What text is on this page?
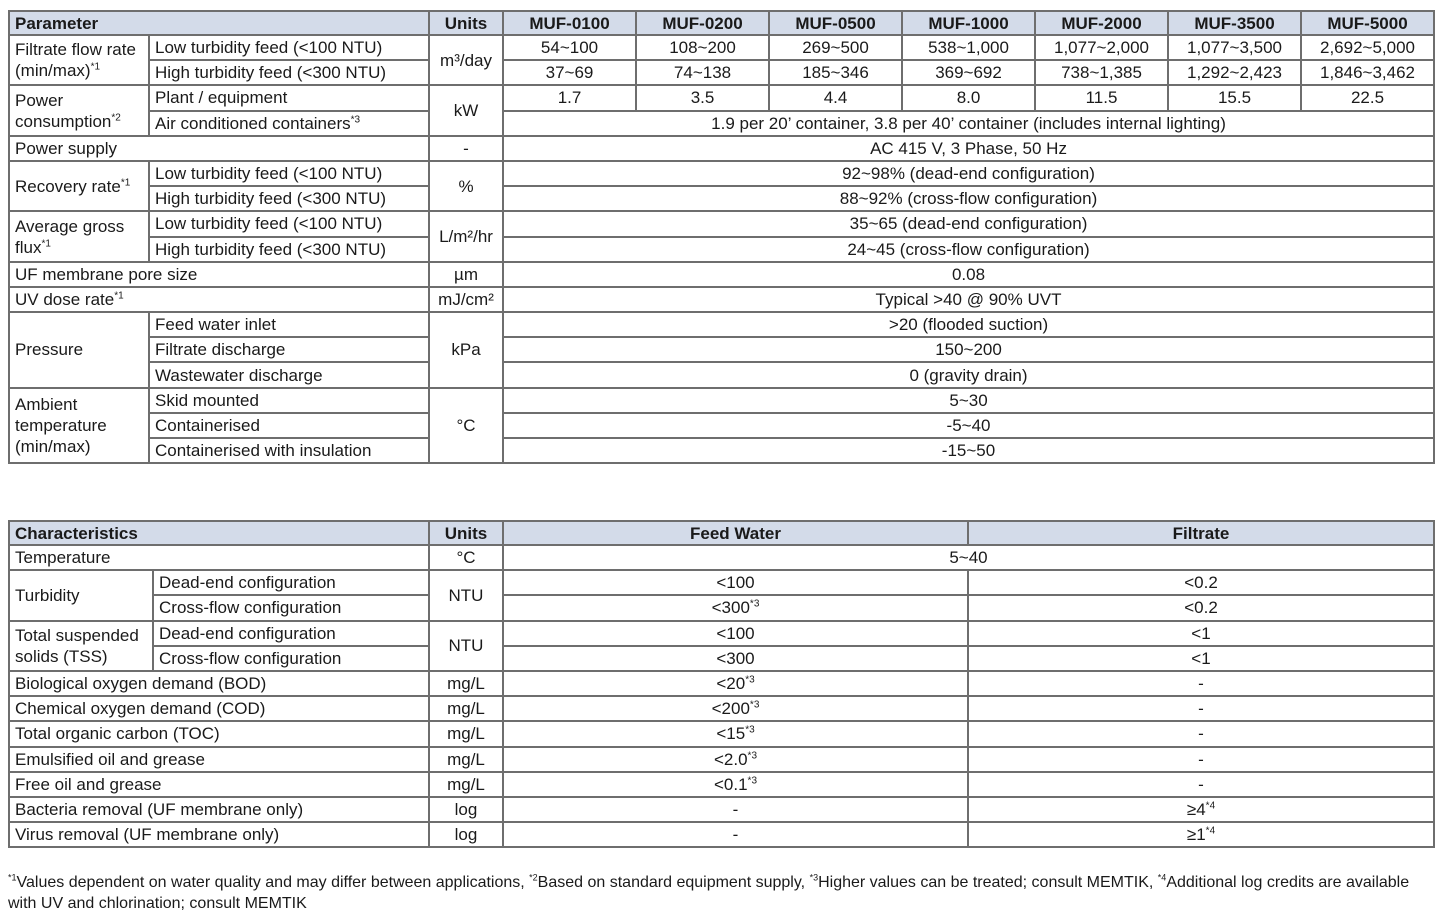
Parameter		Units	MUF-0100	MUF-0200	MUF-0500	MUF-1000	MUF-2000	MUF-3500	MUF-5000
Filtrate flow rate $(\min/\max)^{*1}$	Low turbidity feed (<100 NTU)	m³/day	54~100	108~200	269~500	538~1,000	1,077~2,000	1,077~3,500	2,692~5,000
	High turbidity feed (<300 NTU)		37~69	74~138	185~346	369~692	738~1,385	1,292~2,423	1,846~3,462
Power
consumption$^{*2}$	Plant / equipment	kW	1.7	3.5	4.4	8.0	11.5	15.5	22.5
	Air conditioned containers$^{*3}$		1.9 per 20’ container, 3.8 per 40’ container (includes internal lighting)						
Power supply		-	AC 415 V, 3 Phase, 50 Hz						
Recovery rate$^{*1}$	Low turbidity feed (<100 NTU)	%	92~98% (dead-end configuration)						
	High turbidity feed (<300 NTU)		88~92% (cross-flow configuration)						
Average gross
flux$^{*1}$	Low turbidity feed (<100 NTU)	L/m²/hr	35~65 (dead-end configuration)						
	High turbidity feed (<300 NTU)		24~45 (cross-flow configuration)						
UF membrane pore size		µm	0.08						
UV dose rate$^{*1}$		mJ/cm²	Typical >40 @ 90% UVT						
Pressure	Feed water inlet	kPa	>20 (flooded suction)						
	Filtrate discharge		150~200						
	Wastewater discharge		0 (gravity drain)						
Ambient
temperature
(min/max)	Skid mounted	°C	5~30						
	Containerised		-5~40						
	Containerised with insulation		-15~50						
Characteristics		Units	Feed Water	Filtrate
Temperature		°C	5~40	
Turbidity	Dead-end configuration	NTU	<100	<0.2
	Cross-flow configuration		$<300^{*3}$	<0.2
Total suspended
solids (TSS)	Dead-end configuration	NTU	<100	<1
	Cross-flow configuration		<300	<1
Biological oxygen demand (BOD)		mg/L	$<20^{*3}$	-
Chemical oxygen demand (COD)		mg/L	$<200^{*3}$	-
Total organic carbon (TOC)		mg/L	$<15^{*3}$	-
Emulsified oil and grease		mg/L	$<2.0^{*3}$	-
Free oil and grease		mg/L	$<0.1^{*3}$	-
Bacteria removal (UF membrane only)		log	-	$\ge 4^{*4}$
Virus removal (UF membrane only)		log	-	$\ge 1^{*4}$
$^{*1}$Values dependent on water quality and may differ between applications, $^{*2}$Based on standard equipment supply, $^{*3}$Higher values can be treated; consult MEMTIK, $^{*4}$Additional log credits are available with UV and chlorination; consult MEMTIK
